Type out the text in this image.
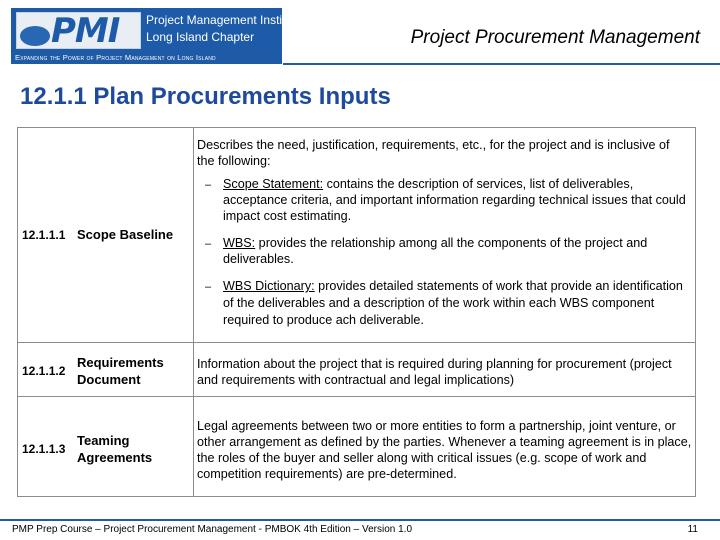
PMI Project Management Institute
Long Island Chapter
Expanding the Power of Project Management on Long Island
Project Procurement Management
12.1.1 Plan Procurements Inputs
12.1.1.1 Scope Baseline
Describes the need, justification, requirements, etc., for the project and is inclusive of the following:
– Scope Statement: contains the description of services, list of deliverables, acceptance criteria, and important information regarding technical issues that could impact cost estimating.
– WBS: provides the relationship among all the components of the project and deliverables.
– WBS Dictionary: provides detailed statements of work that provide an identification of the deliverables and a description of the work within each WBS component required to produce ach deliverable.
12.1.1.2
Requirements
Document
Information about the project that is required during planning for procurement (project and requirements with contractual and legal implications)
12.1.1.3
Teaming
Agreements
Legal agreements between two or more entities to form a partnership, joint venture, or other arrangement as defined by the parties. Whenever a teaming agreement is in place, the roles of the buyer and seller along with critical issues (e.g. scope of work and competition requirements) are pre-determined.
PMP Prep Course – Project Procurement Management - PMBOK 4th Edition – Version 1.0	11
